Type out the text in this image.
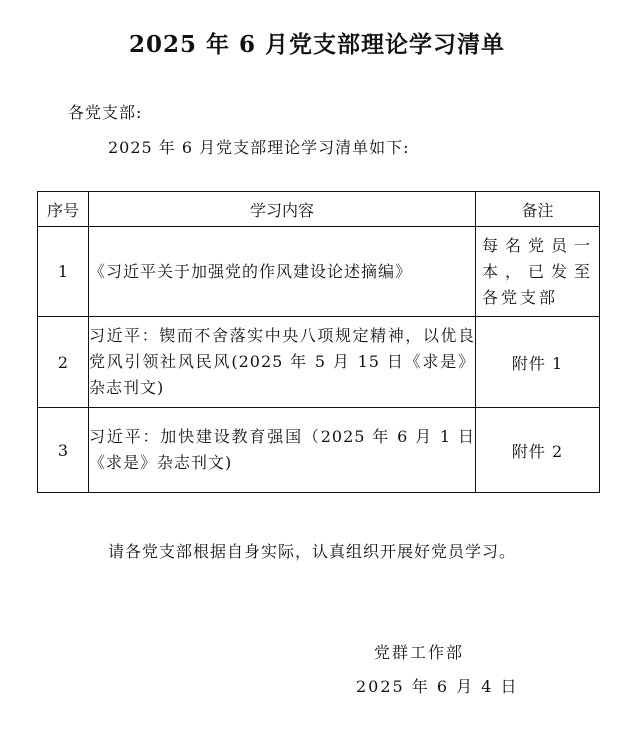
2025 年 6 月党支部理论学习清单
各党支部:
2025 年 6 月党支部理论学习清单如下:
序号	学习内容	备注
1	《习近平关于加强党的作风建设论述摘编》	每名党员一本，已发至各党支部
2	习近平：锲而不舍落实中央八项规定精神，以优良党风引领社风民风(2025 年 5 月 15 日《求是》杂志刊文)	附件 1
3	习近平：加快建设教育强国（2025 年 6 月 1 日《求是》杂志刊文)	附件 2
请各党支部根据自身实际，认真组织开展好党员学习。
党群工作部
2025 年 6 月 4 日
